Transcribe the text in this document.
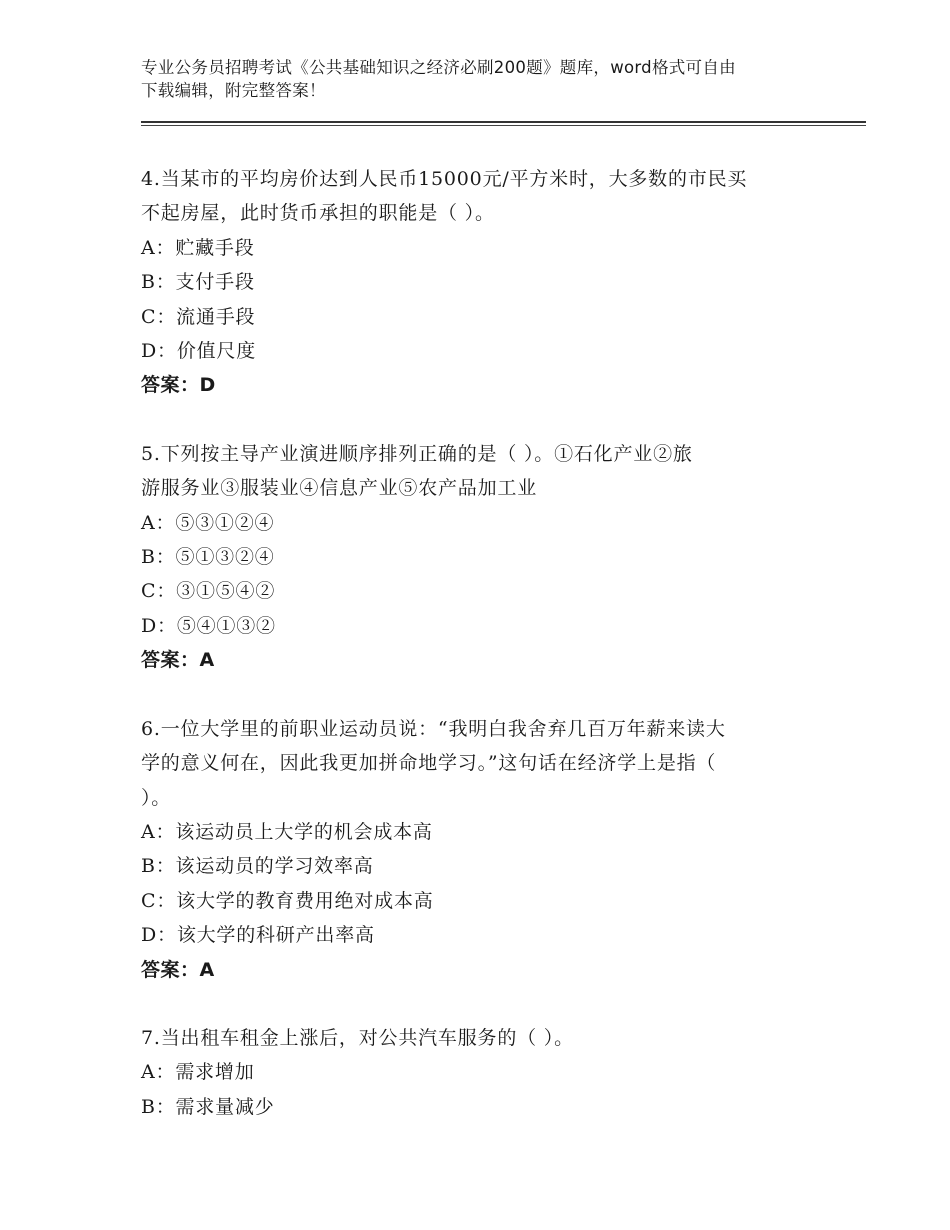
专业公务员招聘考试《公共基础知识之经济必刷200题》题库，word格式可自由
下载编辑，附完整答案！
4.当某市的平均房价达到人民币15000元/平方米时，大多数的市民买
不起房屋，此时货币承担的职能是（ ）。
A：贮藏手段
B：支付手段
C：流通手段
D：价值尺度
答案：D
5.下列按主导产业演进顺序排列正确的是（ ）。①石化产业②旅
游服务业③服装业④信息产业⑤农产品加工业
A：⑤③①②④
B：⑤①③②④
C：③①⑤④②
D：⑤④①③②
答案：A
6.一位大学里的前职业运动员说：“我明白我舍弃几百万年薪来读大
学的意义何在，因此我更加拼命地学习。”这句话在经济学上是指（
）。
A：该运动员上大学的机会成本高
B：该运动员的学习效率高
C：该大学的教育费用绝对成本高
D：该大学的科研产出率高
答案：A
7.当出租车租金上涨后，对公共汽车服务的（ ）。
A：需求增加
B：需求量减少
